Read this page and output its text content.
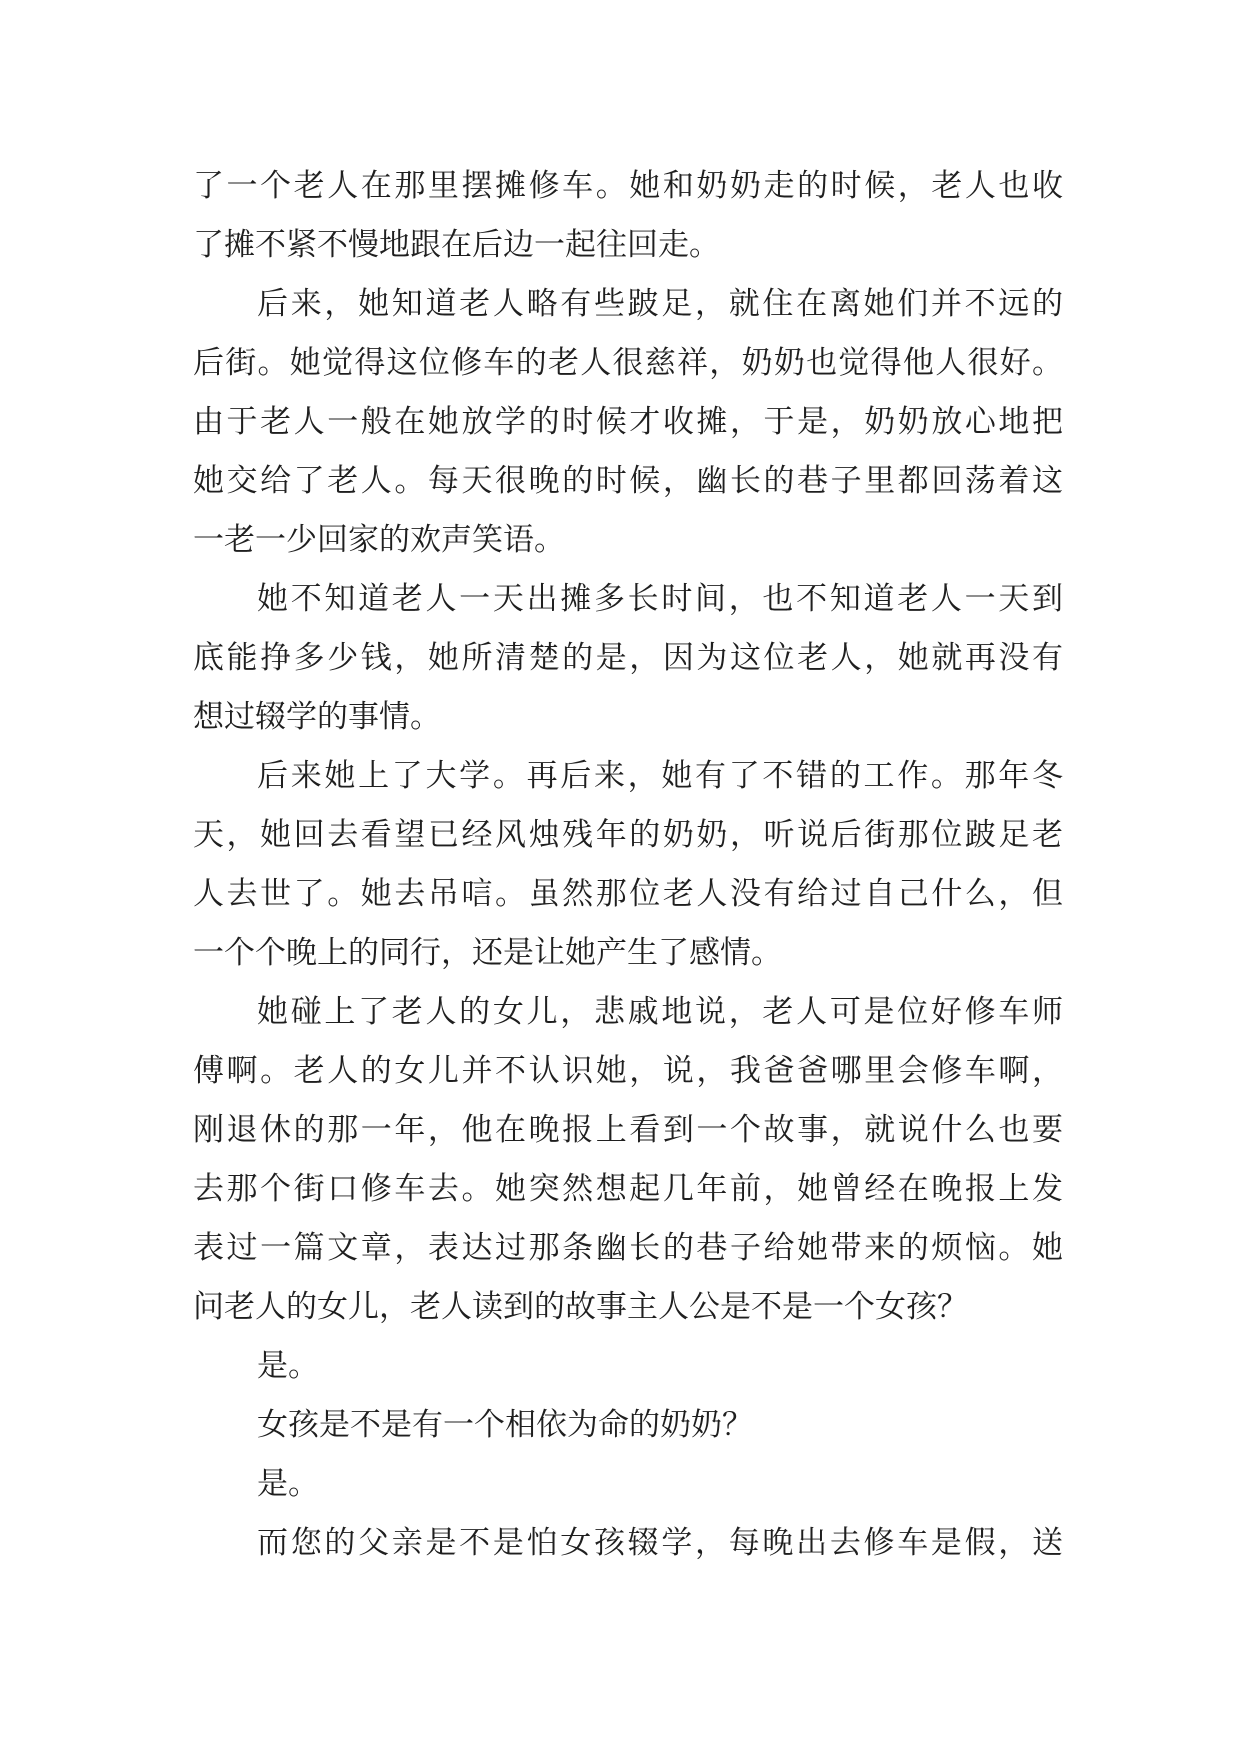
了一个老人在那里摆摊修车。她和奶奶走的时候，老人也收
了摊不紧不慢地跟在后边一起往回走。
后来，她知道老人略有些跛足，就住在离她们并不远的
后街。她觉得这位修车的老人很慈祥，奶奶也觉得他人很好。
由于老人一般在她放学的时候才收摊，于是，奶奶放心地把
她交给了老人。每天很晚的时候，幽长的巷子里都回荡着这
一老一少回家的欢声笑语。
她不知道老人一天出摊多长时间，也不知道老人一天到
底能挣多少钱，她所清楚的是，因为这位老人，她就再没有
想过辍学的事情。
后来她上了大学。再后来，她有了不错的工作。那年冬
天，她回去看望已经风烛残年的奶奶，听说后街那位跛足老
人去世了。她去吊唁。虽然那位老人没有给过自己什么，但
一个个晚上的同行，还是让她产生了感情。
她碰上了老人的女儿，悲戚地说，老人可是位好修车师
傅啊。老人的女儿并不认识她，说，我爸爸哪里会修车啊，
刚退休的那一年，他在晚报上看到一个故事，就说什么也要
去那个街口修车去。她突然想起几年前，她曾经在晚报上发
表过一篇文章，表达过那条幽长的巷子给她带来的烦恼。她
问老人的女儿，老人读到的故事主人公是不是一个女孩？
是。
女孩是不是有一个相依为命的奶奶？
是。
而您的父亲是不是怕女孩辍学，每晚出去修车是假，送
